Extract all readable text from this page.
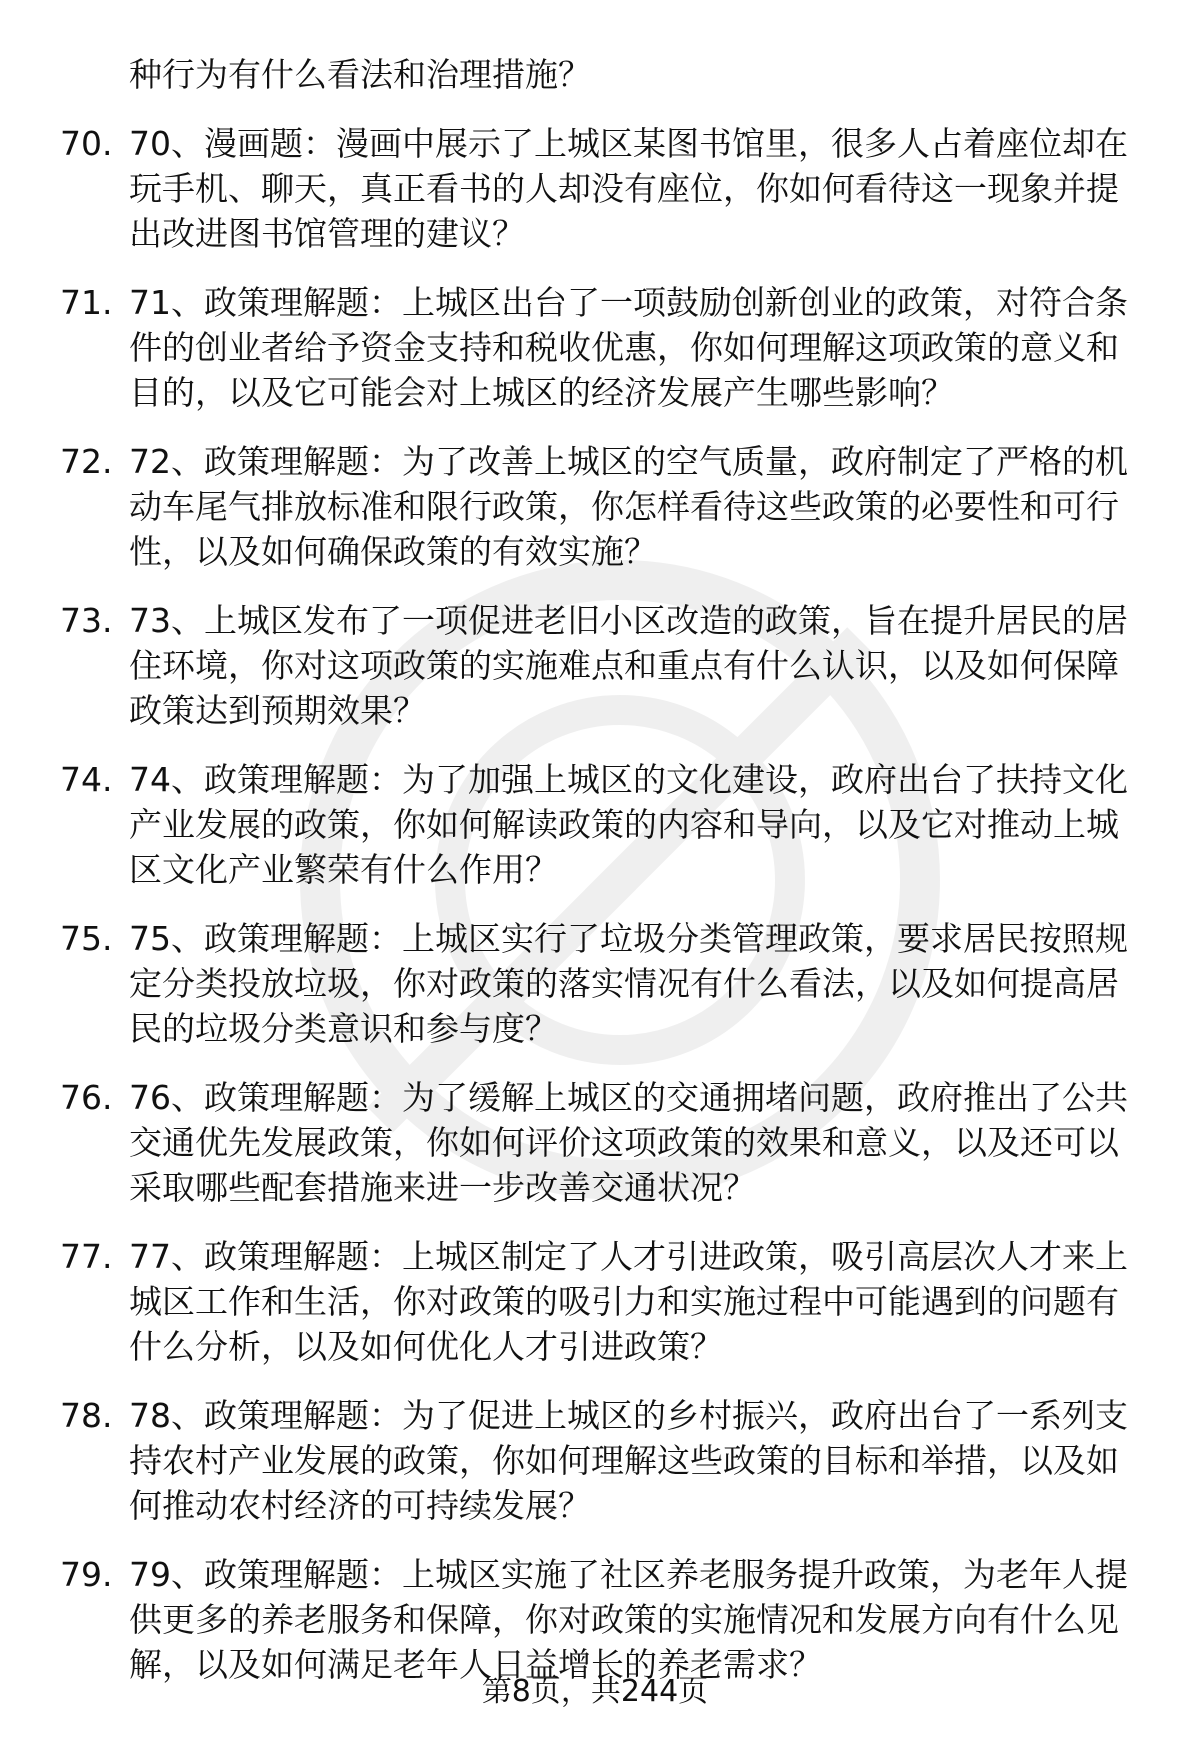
种行为有什么看法和治理措施？
70. 70、漫画题：漫画中展示了上城区某图书馆里，很多人占着座位却在玩手机、聊天，真正看书的人却没有座位，你如何看待这一现象并提出改进图书馆管理的建议？
71. 71、政策理解题：上城区出台了一项鼓励创新创业的政策，对符合条件的创业者给予资金支持和税收优惠，你如何理解这项政策的意义和目的，以及它可能会对上城区的经济发展产生哪些影响？
72. 72、政策理解题：为了改善上城区的空气质量，政府制定了严格的机动车尾气排放标准和限行政策，你怎样看待这些政策的必要性和可行性，以及如何确保政策的有效实施？
73. 73、上城区发布了一项促进老旧小区改造的政策，旨在提升居民的居住环境，你对这项政策的实施难点和重点有什么认识，以及如何保障政策达到预期效果？
74. 74、政策理解题：为了加强上城区的文化建设，政府出台了扶持文化产业发展的政策，你如何解读政策的内容和导向，以及它对推动上城区文化产业繁荣有什么作用？
75. 75、政策理解题：上城区实行了垃圾分类管理政策，要求居民按照规定分类投放垃圾，你对政策的落实情况有什么看法，以及如何提高居民的垃圾分类意识和参与度？
76. 76、政策理解题：为了缓解上城区的交通拥堵问题，政府推出了公共交通优先发展政策，你如何评价这项政策的效果和意义，以及还可以采取哪些配套措施来进一步改善交通状况？
77. 77、政策理解题：上城区制定了人才引进政策，吸引高层次人才来上城区工作和生活，你对政策的吸引力和实施过程中可能遇到的问题有什么分析，以及如何优化人才引进政策？
78. 78、政策理解题：为了促进上城区的乡村振兴，政府出台了一系列支持农村产业发展的政策，你如何理解这些政策的目标和举措，以及如何推动农村经济的可持续发展？
79. 79、政策理解题：上城区实施了社区养老服务提升政策，为老年人提供更多的养老服务和保障，你对政策的实施情况和发展方向有什么见解，以及如何满足老年人日益增长的养老需求？
第8页，共244页
